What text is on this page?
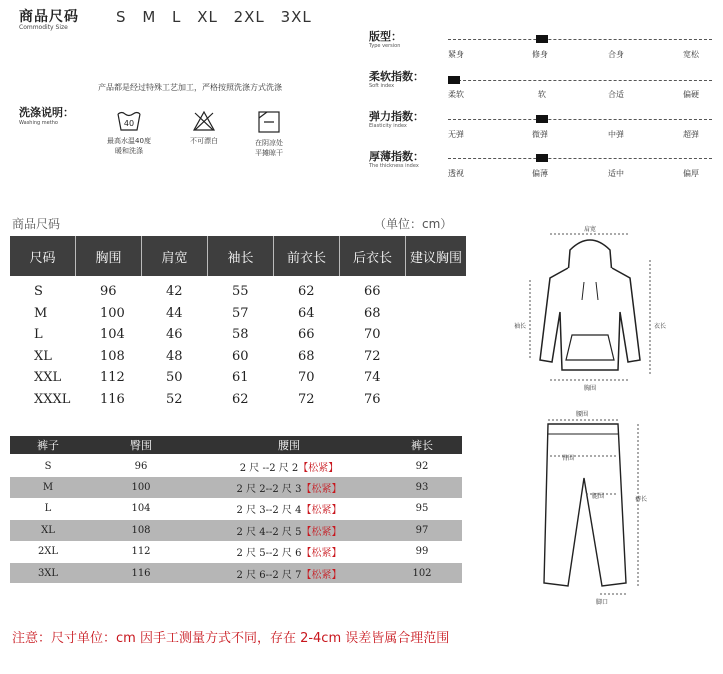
商品尺码
Commodity Size
S M L XL 2XL 3XL
产品都是经过特殊工艺加工，严格按照洗涤方式洗涤
洗涤说明：
Washing metho	40
最高水温40度
暖和洗涤
不可漂白	在阴凉处
平摊晾干
版型：
Type version
紧身	修身	合身	宽松
柔软指数：
Soft index
柔软	软	合适	偏硬
弹力指数：
Elasticity index
无弹	微弹	中弹	超弹
厚薄指数：
The thickness index
透视	偏薄	适中	偏厚
商品尺码	（单位：cm）
尺码	胸围	肩宽	袖长	前衣长	后衣长	建议胸围
S	96	42	55	62	66
M	100	44	57	64	68
L	104	46	58	66	70
XL	108	48	60	68	72
XXL	112	50	61	70	74
XXXL	116	52	62	72	76
肩宽
袖长	衣长
胸围
裤子	臀围	腰围	裤长
S	96	2 尺 --2 尺 2【松紧】	92
M	100	2 尺 2--2 尺 3【松紧】	93
L	104	2 尺 3--2 尺 4【松紧】	95
XL	108	2 尺 4--2 尺 5【松紧】	97
2XL	112	2 尺 5--2 尺 6【松紧】	99
3XL	116	2 尺 6--2 尺 7【松紧】	102
腰围
臀围
腿围	裤长
脚口
注意：尺寸单位：cm 因手工测量方式不同，存在 2-4cm 误差皆属合理范围
